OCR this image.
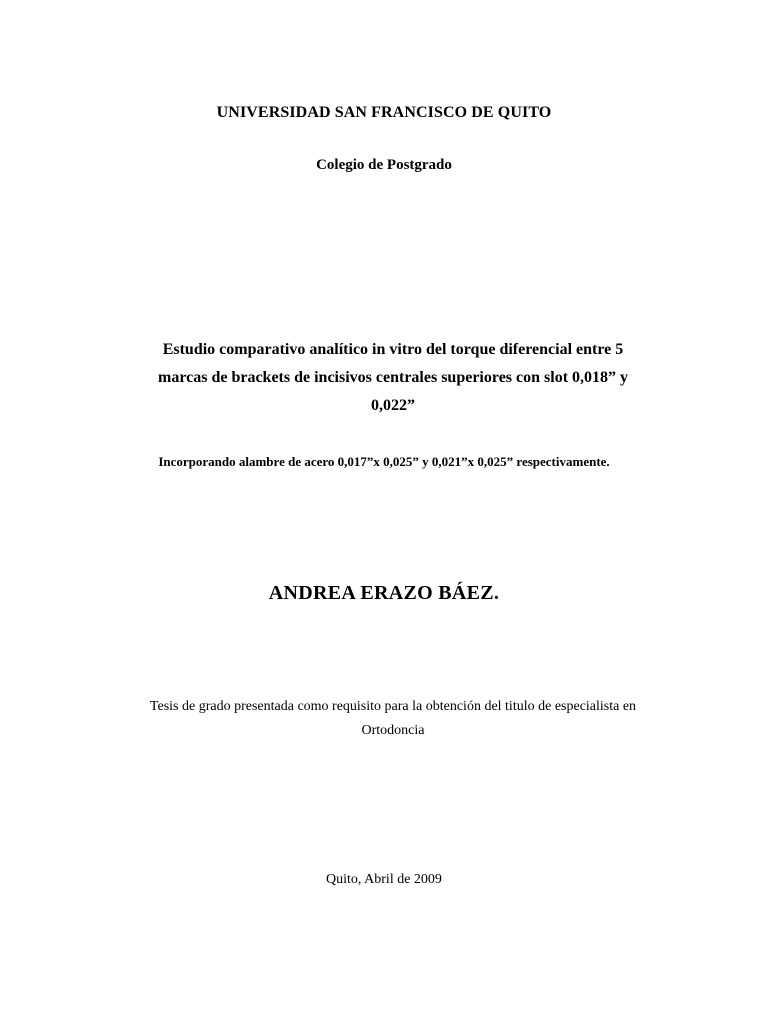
UNIVERSIDAD SAN FRANCISCO DE QUITO
Colegio de Postgrado
Estudio comparativo analítico in vitro del torque diferencial entre 5
marcas de brackets de incisivos centrales superiores con slot 0,018” y
0,022”
Incorporando alambre de acero 0,017”x 0,025” y 0,021”x 0,025” respectivamente.
ANDREA ERAZO BÁEZ.
Tesis de grado presentada como requisito para la obtención del titulo de especialista en
Ortodoncia
Quito, Abril de 2009
